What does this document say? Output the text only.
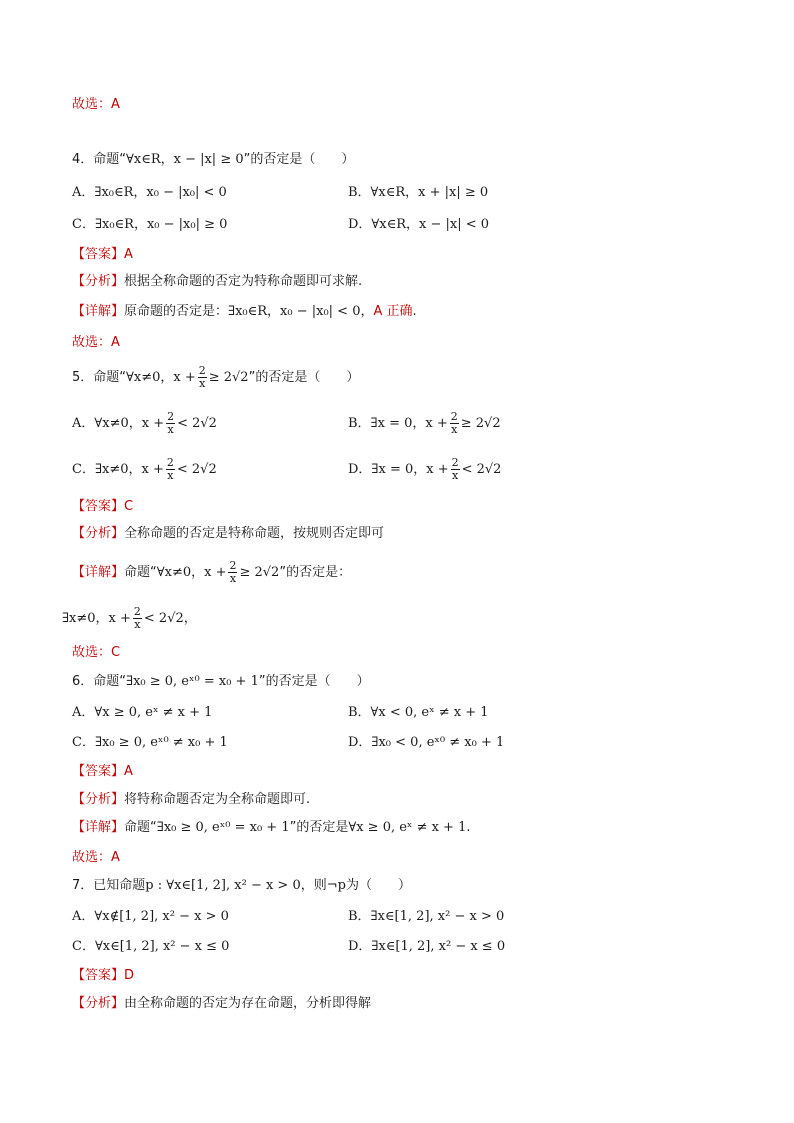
故选：A
4．命题“∀x∈R，x − |x| ≥ 0”的否定是（　　）
A．∃x₀∈R，x₀ − |x₀| < 0	B．∀x∈R，x + |x| ≥ 0
C．∃x₀∈R，x₀ − |x₀| ≥ 0	D．∀x∈R，x − |x| < 0
【答案】A
【分析】根据全称命题的否定为特称命题即可求解.
【详解】原命题的否定是：∃x₀∈R，x₀ − |x₀| < 0，A 正确.
故选：A
5．命题“∀x≠0，$x + \frac{2}{x} \ge 2√2$”的否定是（　　）
A．∀x≠0，$x + \frac{2}{x} < 2√2$	B．∃x = 0，$x + \frac{2}{x} \ge 2√2$
C．∃x≠0，$x + \frac{2}{x} < 2√2$	D．∃x = 0，$x + \frac{2}{x} < 2√2$
【答案】C
【分析】全称命题的否定是特称命题，按规则否定即可
【详解】命题“∀x≠0，$x + \frac{2}{x} \ge 2√2$”的否定是：
∃x≠0，$x + \frac{2}{x} < 2√2$，
故选：C
6．命题“∃x₀ ≥ 0, eˣ⁰ = x₀ + 1”的否定是（　　）
A．∀x ≥ 0, eˣ ≠ x + 1	B．∀x < 0, eˣ ≠ x + 1
C．∃x₀ ≥ 0, eˣ⁰ ≠ x₀ + 1	D．∃x₀ < 0, eˣ⁰ ≠ x₀ + 1
【答案】A
【分析】将特称命题否定为全称命题即可.
【详解】命题“∃x₀ ≥ 0, eˣ⁰ = x₀ + 1”的否定是∀x ≥ 0, eˣ ≠ x + 1.
故选：A
7．已知命题p : ∀x∈[1, 2], x² − x > 0，则¬p为（　　）
A．∀x∉[1, 2], x² − x > 0	B．∃x∈[1, 2], x² − x > 0
C．∀x∈[1, 2], x² − x ≤ 0	D．∃x∈[1, 2], x² − x ≤ 0
【答案】D
【分析】由全称命题的否定为存在命题，分析即得解
